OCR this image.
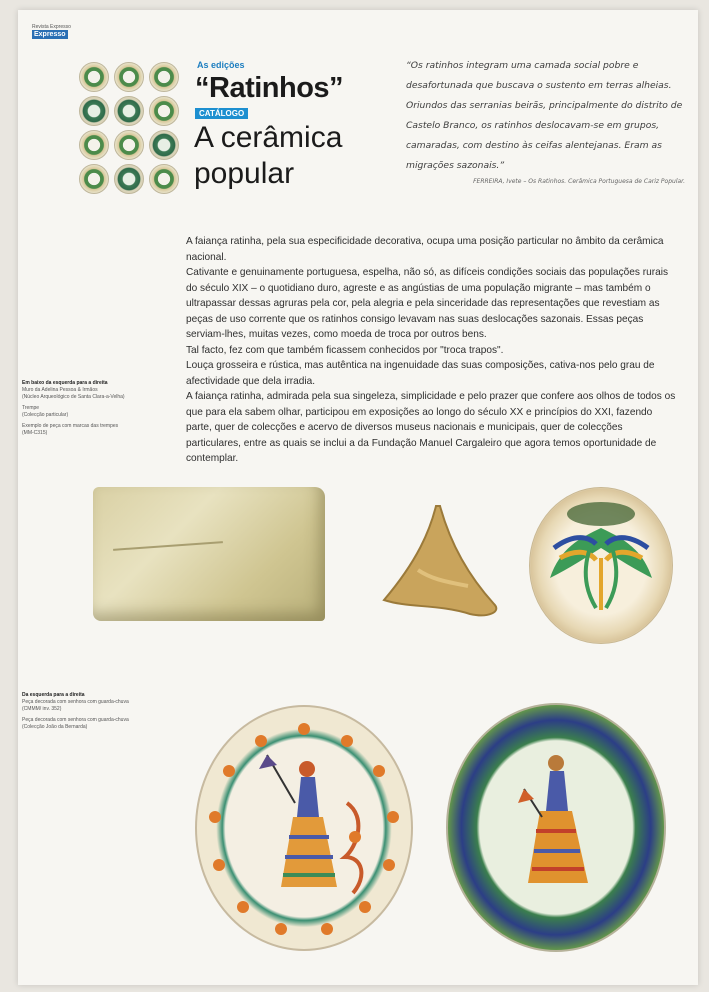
Revista Expresso
Expresso
As edições
“Ratinhos”
CATÁLOGO
A cerâmica
popular
“Os ratinhos integram uma camada social pobre e desafortunada que buscava o sustento em terras alheias. Oriundos das serranias beirãs, principalmente do distrito de Castelo Branco, os ratinhos deslocavam-se em grupos, camaradas, com destino às ceifas alentejanas. Eram as migrações sazonais.”
FERREIRA, Ivete – Os Ratinhos. Cerâmica Portuguesa de Cariz Popular.

A faiança ratinha, pela sua especificidade decorativa, ocupa uma posição particular no âmbito da cerâmica nacional.

Cativante e genuinamente portuguesa, espelha, não só, as difíceis condições sociais das populações rurais do século XIX – o quotidiano duro, agreste e as angústias de uma população migrante – mas também o ultrapassar dessas agruras pela cor, pela alegria e pela sinceridade das representações que revestiam as peças de uso corrente que os ratinhos consigo levavam nas suas deslocações sazonais. Essas peças serviam-lhes, muitas vezes, como moeda de troca por outros bens.

Tal facto, fez com que também ficassem conhecidos por "troca trapos".

Louça grosseira e rústica, mas autêntica na ingenuidade das suas composições, cativa-nos pelo grau de afectividade que dela irradia.

A faiança ratinha, admirada pela sua singeleza, simplicidade e pelo prazer que confere aos olhos de todos os que para ela sabem olhar, participou em exposições ao longo do século XX e princípios do XXI, fazendo parte, quer de colecções e acervo de diversos museus nacionais e municipais, quer de colecções particulares, entre as quais se inclui a da Fundação Manuel Cargaleiro que agora temos oportunidade de contemplar.

Em baixo da esquerda para a direita
Muro da Adelina Pessoa & Irmãos
(Núcleo Arqueológico de Santa Clara-a-Velha)

Trempe
(Colecção particular)

Exemplo de peça com marcas das trempes
(MM-C315)

Da esquerda para a direita
Peça decorada com senhora com guarda-chuva
(CMMM/ inv. 352)

Peça decorada com senhora com guarda-chuva
(Colecção João da Bernarda)
